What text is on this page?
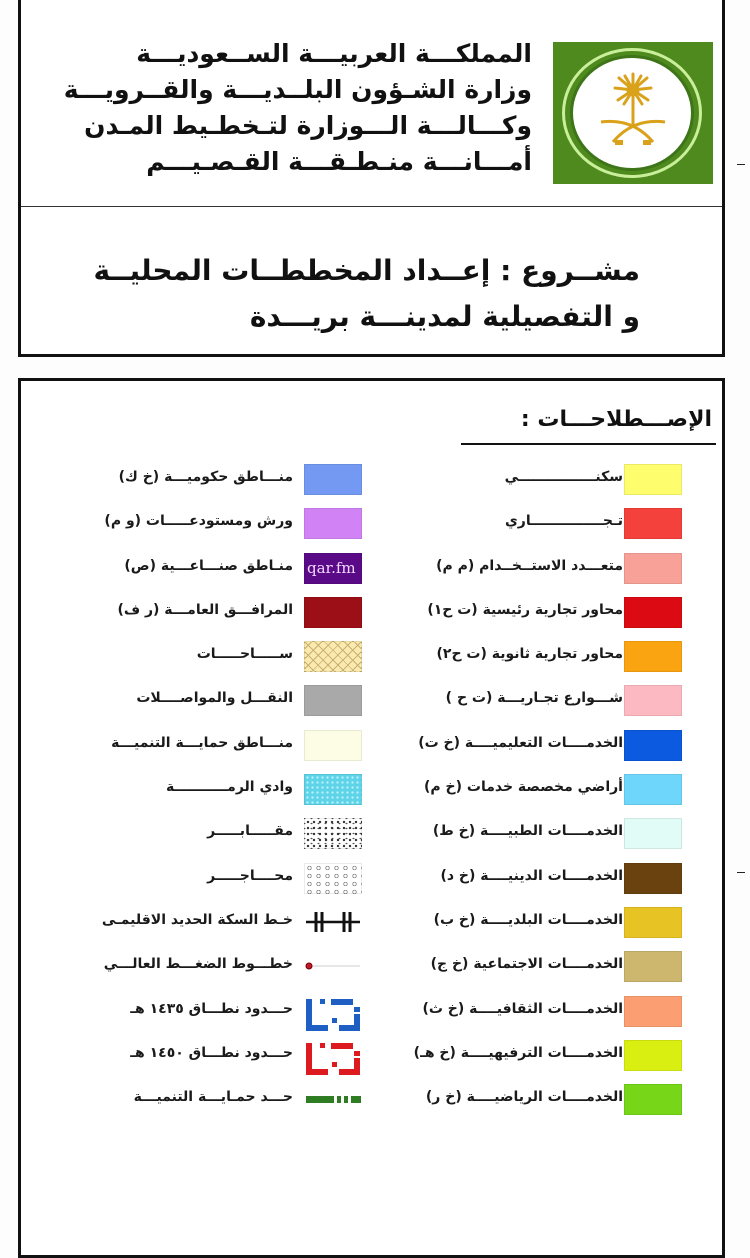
المملكـــة العربيـــة الســعوديـــة
وزارة الشـؤون البلــديـــة والقــرويـــة
وكـــالـــة الـــوزارة لتـخطـيط المـدن
أمـــانـــة منـطـقـــة القـصـيـــم
مشــروع : إعــداد المخططــات المحليــة
و التفصيلية لمدينـــة بريـــدة
الإصـــطلاحـــات :
سكنــــــــــــــــي
تـجـــــــــــــــاري
متعـــدد الاستــخــدام (م م)
محاور تجارية رئيسية (ت ح١)
محاور تجارية ثانوية (ت ح٢)
شـــوارع تجـاريـــة (ت ح )
الخدمــــات التعليميــــة (خ ت)
أراضي مخصصة خدمات (خ م)
الخدمــــات الطبيــــة (خ ط)
الخدمــــات الدينيــــة (خ د)
الخدمــــات البلديــــة (خ ب)
الخدمــــات الاجتماعية (خ ج)
الخدمــــات الثقافيــــة (خ ث)
الخدمــــات الترفيهيــــة (خ هـ)
الخدمــــات الرياضيــــة (خ ر)
منـــاطق حكوميـــة (خ ك)
ورش ومستودعـــــات (و م)
qar.fm
منـاطق صنـــاعـــية (ص)
المرافـــق العامـــة (ر ف)
ســـــاحـــــات
النقـــل والمواصــــلات
منـــاطق حمايـــة التنميـــة
وادي الرمـــــــــــة
مقـــــابـــــر
محــــاجـــــر
خـط السكة الحديد الاقليمـى
خطـــوط الضغـــط العالـــي
حـــدود نطـــاق ١٤٣٥ هـ
حـــدود نطـــاق ١٤٥٠ هـ
حـــد حمـايـــة التنميـــة
